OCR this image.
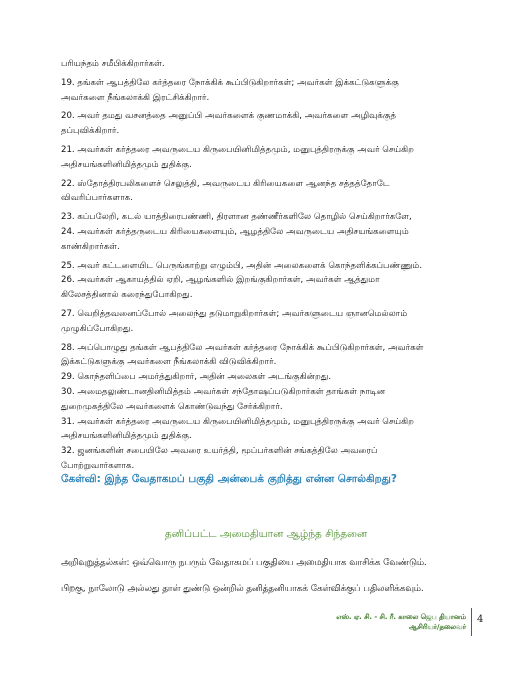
பரியந்தம் சமீபிக்கிறார்கள்.
19. தங்கள் ஆபத்திலே கர்த்தரை நோக்கிக் கூப்பிடுகிறார்கள்; அவர்கள் இக்கட்டுகளுக்கு
அவர்களை நீங்கலாக்கி இரட்சிக்கிறார்.
20. அவர் தமது வசனத்தை அனுப்பி அவர்களைக் குணமாக்கி, அவர்களை அழிவுக்குத்
தப்புவிக்கிறார்.
21. அவர்கள் கர்த்தரை அவருடைய கிருபையினிமித்தமும், மனுபுத்திரருக்கு அவர் செய்கிற
அதிசயங்களினிமித்தமும் துதிக்கு.
22. ஸ்தோத்திரபலிகளைச் செலுத்தி, அவருடைய கிரியைகளை ஆனந்த சத்தத்தோடே
விவரிப்பார்களாக.
23. கப்பலேறி, கடல் யாத்திரைபண்ணி, திரளான தண்ணீர்களிலே தொழில் செய்கிறார்களே,
24. அவர்கள் கர்த்தருடைய கிரியைகளையும், ஆழத்திலே அவருடைய அதிசயங்களையும்
காண்கிறார்கள்.
25. அவர் கட்டளையிட பெருங்காற்று எழும்பி, அதின் அலைகளைக் கொந்தளிக்கப்பண்ணும்.
26. அவர்கள் ஆகாயத்தில் ஏறி, ஆழங்களில் இறங்குகிறார்கள், அவர்கள் ஆத்துமா
கிலேசத்தினால் கரைந்துபோகிறது.
27. வெறித்தவனைப்போல் அலைந்து தடுமாறுகிறார்கள்; அவர்களுடைய ஞானமெல்லாம்
முழுகிப்போகிறது.
28. அப்பொழுது தங்கள் ஆபத்திலே அவர்கள் கர்த்தரை நோக்கிக் கூப்பிடுகிறார்கள், அவர்கள்
இக்கட்டுகளுக்கு அவர்களை நீங்கலாக்கி விடுவிக்கிறார்.
29. கொந்தளிப்பை அமர்த்துகிறார், அதின் அலைகள் அடங்குகின்றது.
30. அமைதலுண்டானதினிமித்தம் அவர்கள் சந்தோஷப்படுகிறார்கள் தாங்கள் நாடின
துறைமுகத்திலே அவர்களைக் கொண்டுவந்து சேர்க்கிறார்.
31. அவர்கள் கர்த்தரை அவருடைய கிருபையினிமித்தமும், மனுபுத்திரருக்கு அவர் செய்கிற
அதிசயங்களினிமித்தமும் துதிக்கு.
32. ஜனங்களின் சபையிலே அவரை உயர்த்தி, மூப்பர்களின் சங்கத்திலே அவரைப்
போற்றுவார்களாக.
கேள்வி: இந்த வேதாகமப் பகுதி அன்பைக் குறித்து என்ன சொல்கிறது?
தனிப்பட்ட அமைதியான ஆழ்ந்த சிந்தனை
அறிவுறுத்தல்கள்: ஒவ்வொரு நபரும் வேதாகமப் பகுதியை அமைதியாக வாசிக்க வேண்டும்.
பிறகு, நாலோடு அல்லது தாள் துண்டு ஒன்றில் தனித்தனியாகக் கேள்விக்குப் பதிலளிக்கவும்.
எஸ். ஏ. சி. - சி. ரீ. காலை ஜெப தியானம்
ஆசிரியர்/தலைவர்
4
